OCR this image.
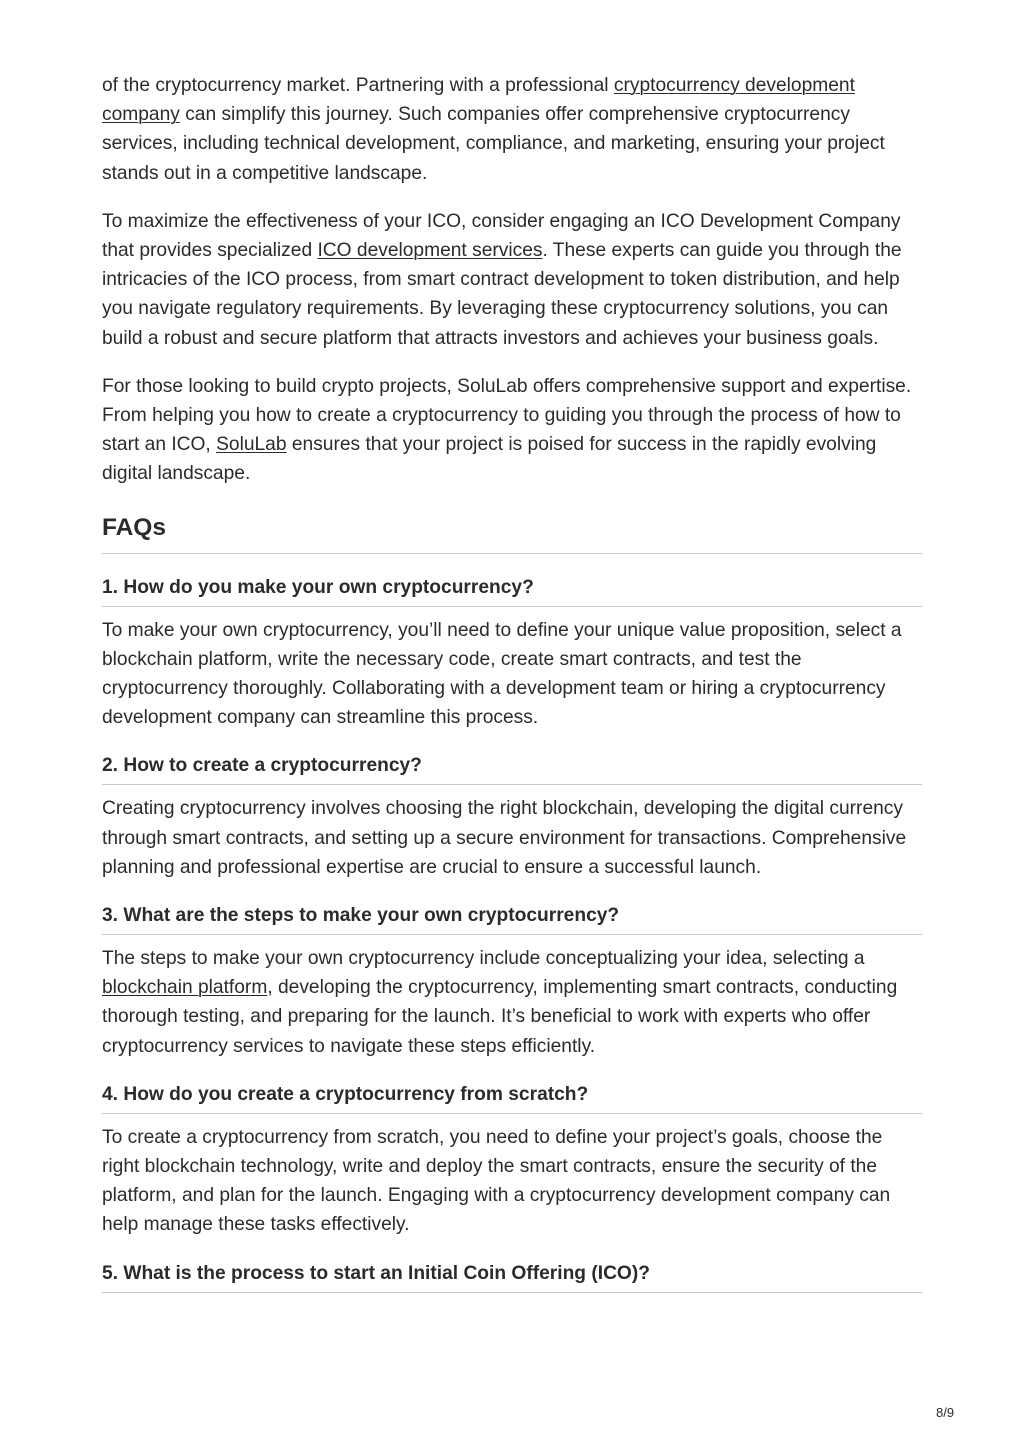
of the cryptocurrency market. Partnering with a professional cryptocurrency development company can simplify this journey. Such companies offer comprehensive cryptocurrency services, including technical development, compliance, and marketing, ensuring your project stands out in a competitive landscape.

To maximize the effectiveness of your ICO, consider engaging an ICO Development Company that provides specialized ICO development services. These experts can guide you through the intricacies of the ICO process, from smart contract development to token distribution, and help you navigate regulatory requirements. By leveraging these cryptocurrency solutions, you can build a robust and secure platform that attracts investors and achieves your business goals.

For those looking to build crypto projects, SoluLab offers comprehensive support and expertise. From helping you how to create a cryptocurrency to guiding you through the process of how to start an ICO, SoluLab ensures that your project is poised for success in the rapidly evolving digital landscape.

FAQs
1. How do you make your own cryptocurrency?

To make your own cryptocurrency, you’ll need to define your unique value proposition, select a blockchain platform, write the necessary code, create smart contracts, and test the cryptocurrency thoroughly. Collaborating with a development team or hiring a cryptocurrency development company can streamline this process.

2. How to create a cryptocurrency?

Creating cryptocurrency involves choosing the right blockchain, developing the digital currency through smart contracts, and setting up a secure environment for transactions. Comprehensive planning and professional expertise are crucial to ensure a successful launch.

3. What are the steps to make your own cryptocurrency?

The steps to make your own cryptocurrency include conceptualizing your idea, selecting a blockchain platform, developing the cryptocurrency, implementing smart contracts, conducting thorough testing, and preparing for the launch. It’s beneficial to work with experts who offer cryptocurrency services to navigate these steps efficiently.

4. How do you create a cryptocurrency from scratch?

To create a cryptocurrency from scratch, you need to define your project’s goals, choose the right blockchain technology, write and deploy the smart contracts, ensure the security of the platform, and plan for the launch. Engaging with a cryptocurrency development company can help manage these tasks effectively.

5. What is the process to start an Initial Coin Offering (ICO)?
8/9
